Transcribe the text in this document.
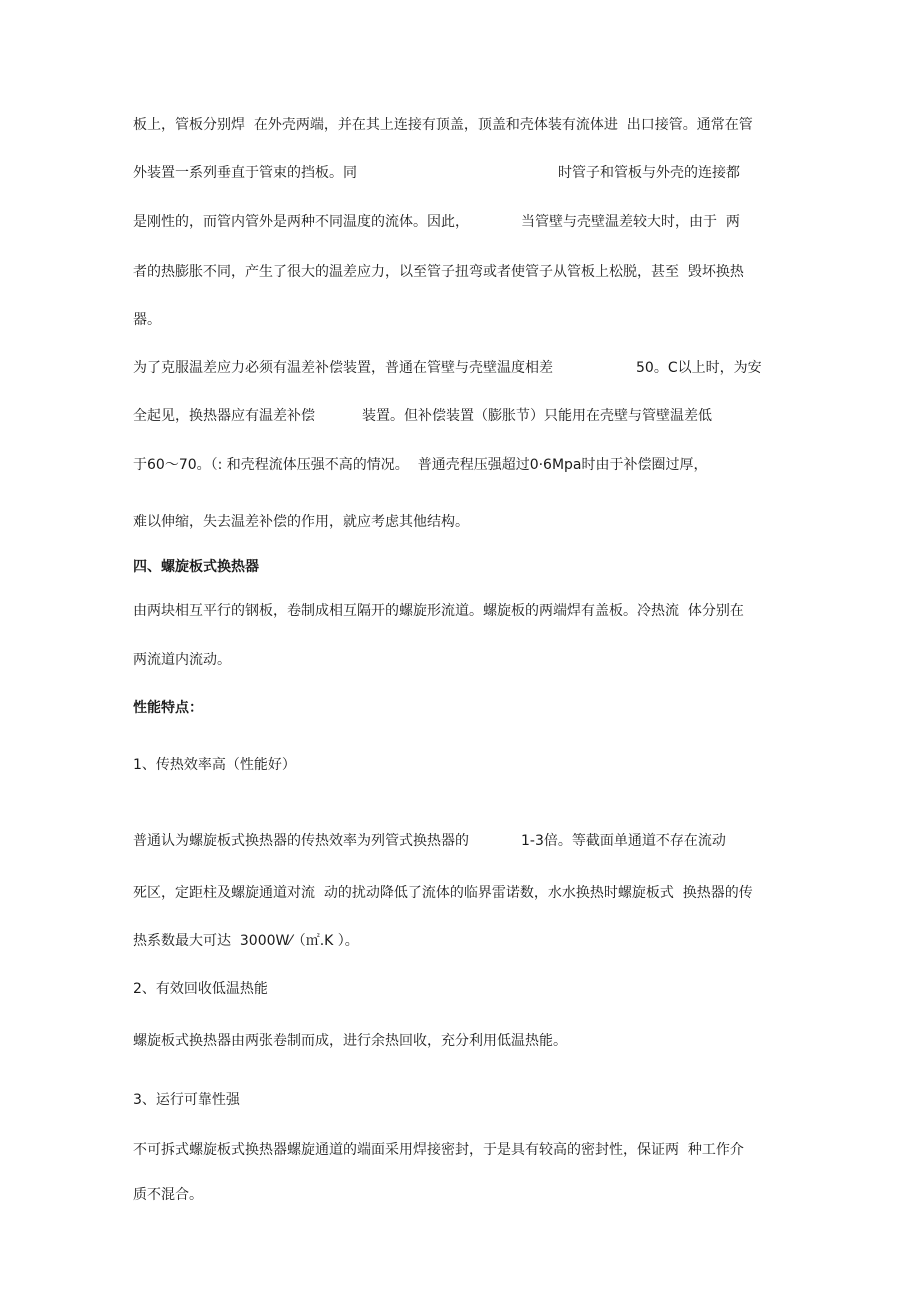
板上，管板分别焊  在外壳两端，并在其上连接有顶盖，顶盖和壳体装有流体进  出口接管。通常在管
外装置一系列垂直于管束的挡板。同	时管子和管板与外壳的连接都
是刚性的，而管内管外是两种不同温度的流体。因此，	当管壁与壳壁温差较大时，由于  两
者的热膨胀不同，产生了很大的温差应力，以至管子扭弯或者使管子从管板上松脱，甚至  毁坏换热
器。
为了克服温差应力必须有温差补偿装置，普通在管壁与壳壁温度相差	50。C以上时，为安
全起见，换热器应有温差补偿	装置。但补偿装置（膨胀节）只能用在壳壁与管壁温差低
于60～70。（: 和壳程流体压强不高的情况。  普通壳程压强超过0·6Mpa时由于补偿圈过厚，
难以伸缩，失去温差补偿的作用，就应考虑其他结构。
四、螺旋板式换热器
由两块相互平行的钢板，卷制成相互隔开的螺旋形流道。螺旋板的两端焊有盖板。冷热流  体分别在
两流道内流动。
性能特点：
1、传热效率高（性能好）
普通认为螺旋板式换热器的传热效率为列管式换热器的	1-3倍。等截面单通道不存在流动
死区，定距柱及螺旋通道对流  动的扰动降低了流体的临界雷诺数，水水换热时螺旋板式  换热器的传
热系数最大可达  3000W⁄（㎡.K ）。
2、有效回收低温热能
螺旋板式换热器由两张卷制而成，进行余热回收，充分利用低温热能。
3、运行可靠性强
不可拆式螺旋板式换热器螺旋通道的端面采用焊接密封，于是具有较高的密封性，保证两  种工作介
质不混合。
